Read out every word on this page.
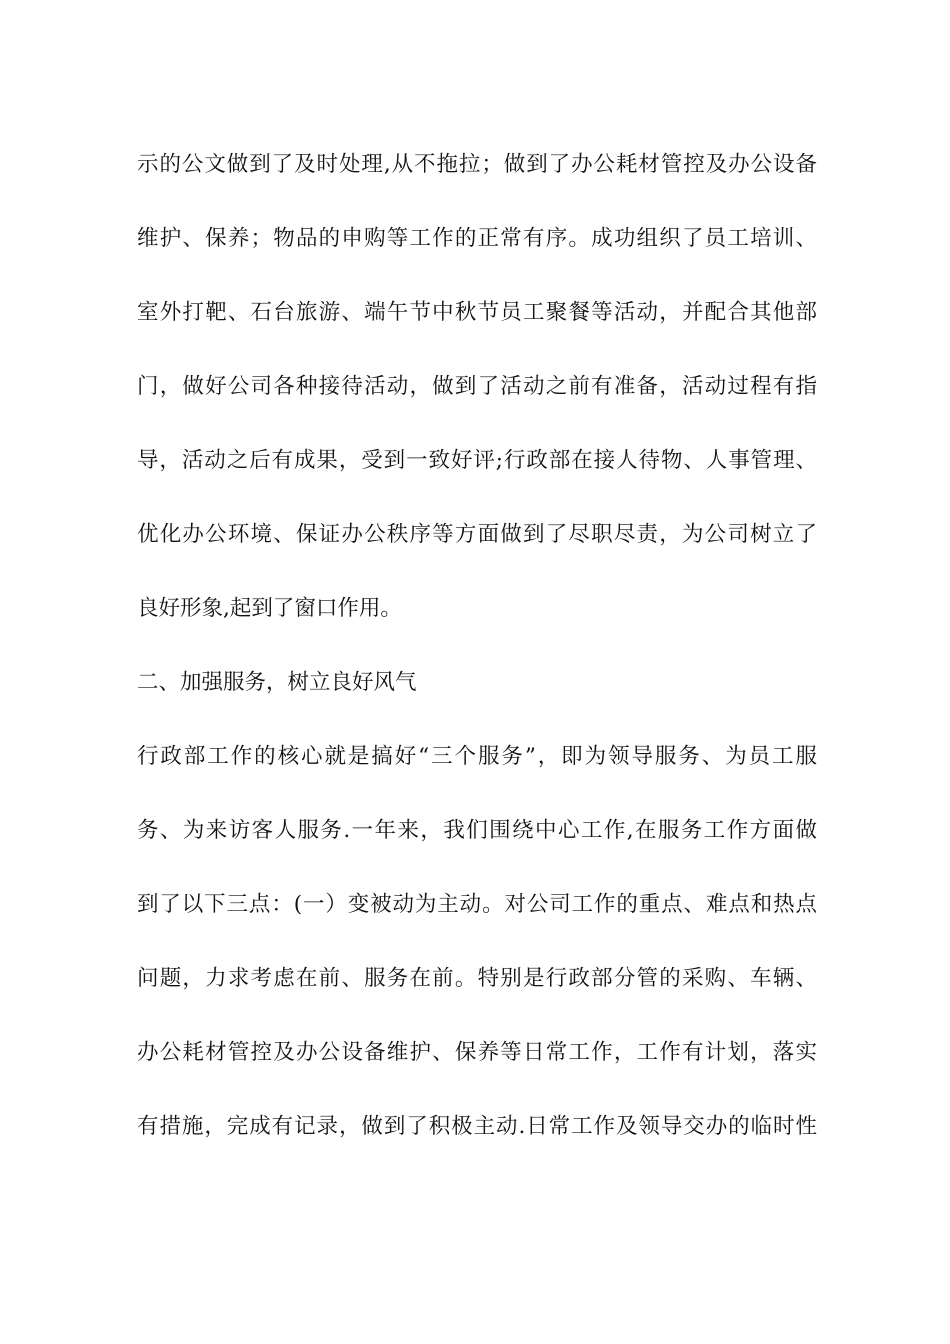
示的公文做到了及时处理,从不拖拉；做到了办公耗材管控及办公设备
维护、保养；物品的申购等工作的正常有序。成功组织了员工培训、
室外打靶、石台旅游、端午节中秋节员工聚餐等活动，并配合其他部
门，做好公司各种接待活动，做到了活动之前有准备，活动过程有指
导，活动之后有成果，受到一致好评;行政部在接人待物、人事管理、
优化办公环境、保证办公秩序等方面做到了尽职尽责，为公司树立了
良好形象,起到了窗口作用。
二、加强服务，树立良好风气
行政部工作的核心就是搞好“三个服务”，即为领导服务、为员工服
务、为来访客人服务.一年来，我们围绕中心工作,在服务工作方面做
到了以下三点：(一）变被动为主动。对公司工作的重点、难点和热点
问题，力求考虑在前、服务在前。特别是行政部分管的采购、车辆、
办公耗材管控及办公设备维护、保养等日常工作，工作有计划，落实
有措施，完成有记录，做到了积极主动.日常工作及领导交办的临时性
